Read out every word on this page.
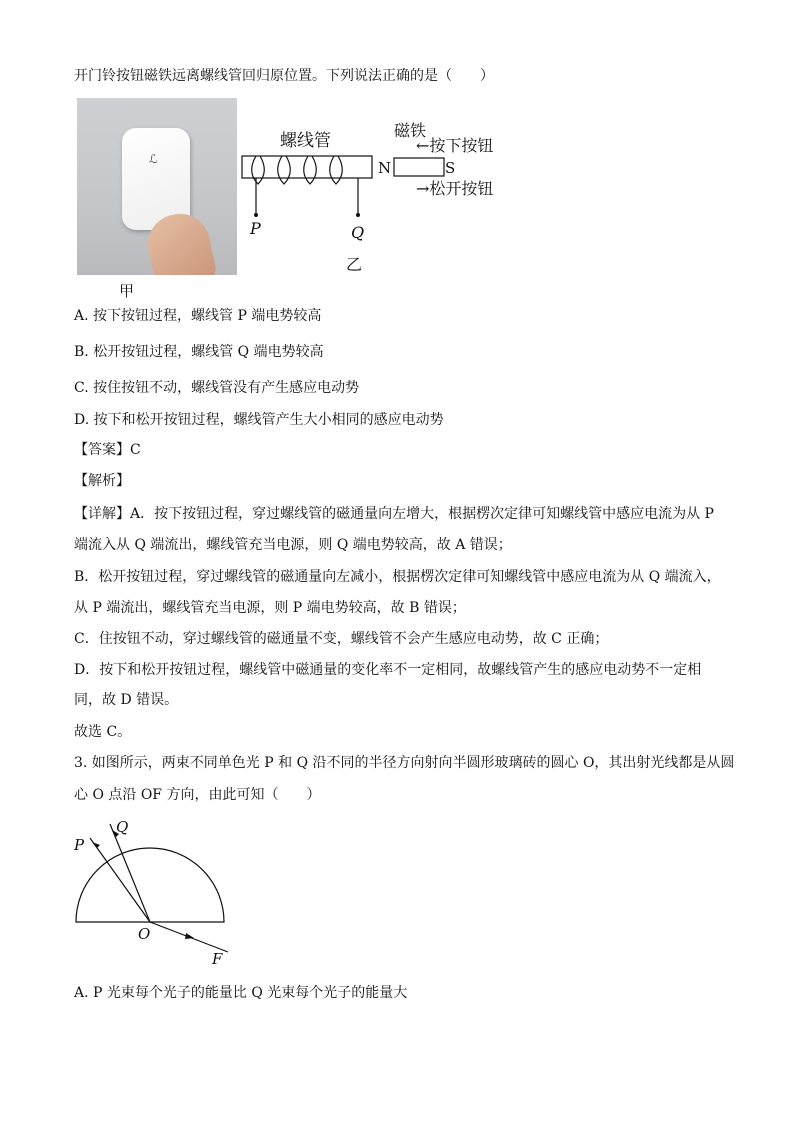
开门铃按钮磁铁远离螺线管回归原位置。下列说法正确的是（　　）
ℒ
甲
螺线管
N	S
磁铁
←按下按钮
→松开按钮
P	Q
乙
A. 按下按钮过程，螺线管 P 端电势较高
B. 松开按钮过程，螺线管 Q 端电势较高
C. 按住按钮不动，螺线管没有产生感应电动势
D. 按下和松开按钮过程，螺线管产生大小相同的感应电动势
【答案】C
【解析】
【详解】A．按下按钮过程，穿过螺线管的磁通量向左增大，根据楞次定律可知螺线管中感应电流为从 P
端流入从 Q 端流出，螺线管充当电源，则 Q 端电势较高，故 A 错误；
B．松开按钮过程，穿过螺线管的磁通量向左减小，根据楞次定律可知螺线管中感应电流为从 Q 端流入，
从 P 端流出，螺线管充当电源，则 P 端电势较高，故 B 错误；
C．住按钮不动，穿过螺线管的磁通量不变，螺线管不会产生感应电动势，故 C 正确；
D．按下和松开按钮过程，螺线管中磁通量的变化率不一定相同，故螺线管产生的感应电动势不一定相
同，故 D 错误。
故选 C。
3. 如图所示，两束不同单色光 P 和 Q 沿不同的半径方向射向半圆形玻璃砖的圆心 O，其出射光线都是从圆
心 O 点沿 OF 方向，由此可知（　　）
P
Q
O
F
A. P 光束每个光子的能量比 Q 光束每个光子的能量大
